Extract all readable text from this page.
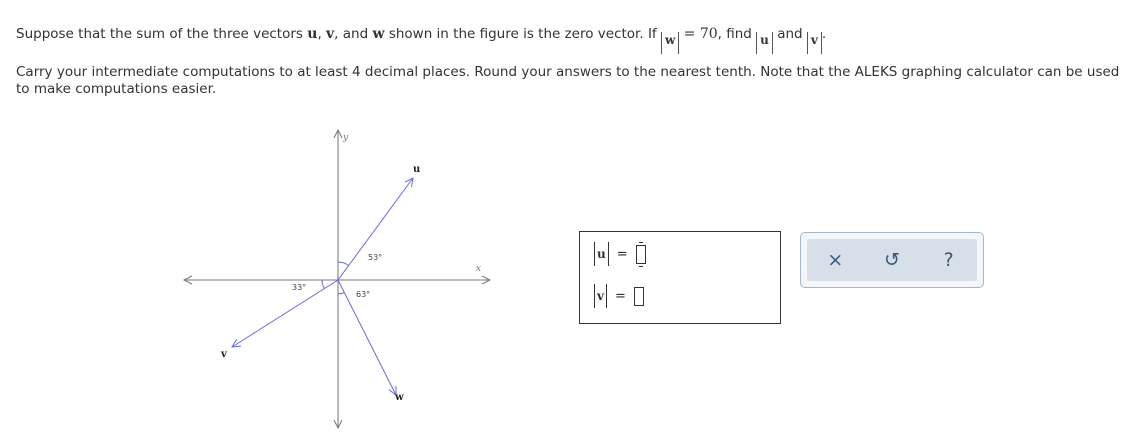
Suppose that the sum of the three vectors u, v, and w shown in the figure is the zero vector. If w = 70, find u and v .
Carry your intermediate computations to at least 4 decimal places. Round your answers to the nearest tenth. Note that the ALEKS graphing calculator can be used to make computations easier.
x
y
u
v
w
53°
33°
63°
u =
v =
× ↺ ?
